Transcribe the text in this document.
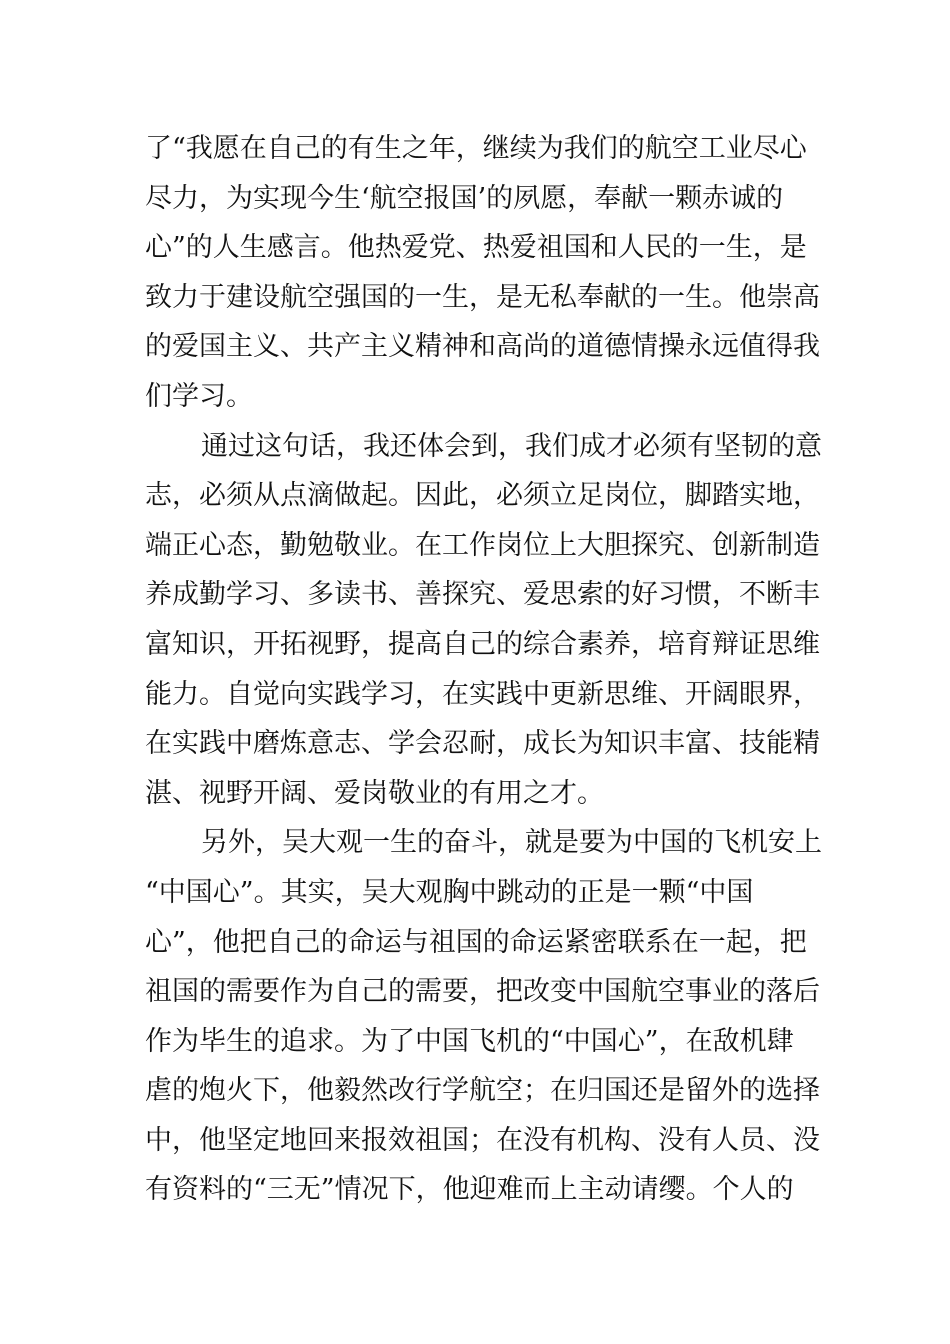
了“我愿在自己的有生之年，继续为我们的航空工业尽心
尽力，为实现今生‘航空报国’的夙愿，奉献一颗赤诚的
心”的人生感言。他热爱党、热爱祖国和人民的一生，是
致力于建设航空强国的一生，是无私奉献的一生。他崇高
的爱国主义、共产主义精神和高尚的道德情操永远值得我
们学习。
通过这句话，我还体会到，我们成才必须有坚韧的意
志，必须从点滴做起。因此，必须立足岗位，脚踏实地，
端正心态，勤勉敬业。在工作岗位上大胆探究、创新制造
养成勤学习、多读书、善探究、爱思索的好习惯，不断丰
富知识，开拓视野，提高自己的综合素养，培育辩证思维
能力。自觉向实践学习，在实践中更新思维、开阔眼界，
在实践中磨炼意志、学会忍耐，成长为知识丰富、技能精
湛、视野开阔、爱岗敬业的有用之才。
另外，吴大观一生的奋斗，就是要为中国的飞机安上
“中国心”。其实，吴大观胸中跳动的正是一颗“中国
心”，他把自己的命运与祖国的命运紧密联系在一起，把
祖国的需要作为自己的需要，把改变中国航空事业的落后
作为毕生的追求。为了中国飞机的“中国心”，在敌机肆
虐的炮火下，他毅然改行学航空；在归国还是留外的选择
中，他坚定地回来报效祖国；在没有机构、没有人员、没
有资料的“三无”情况下，他迎难而上主动请缨。个人的
